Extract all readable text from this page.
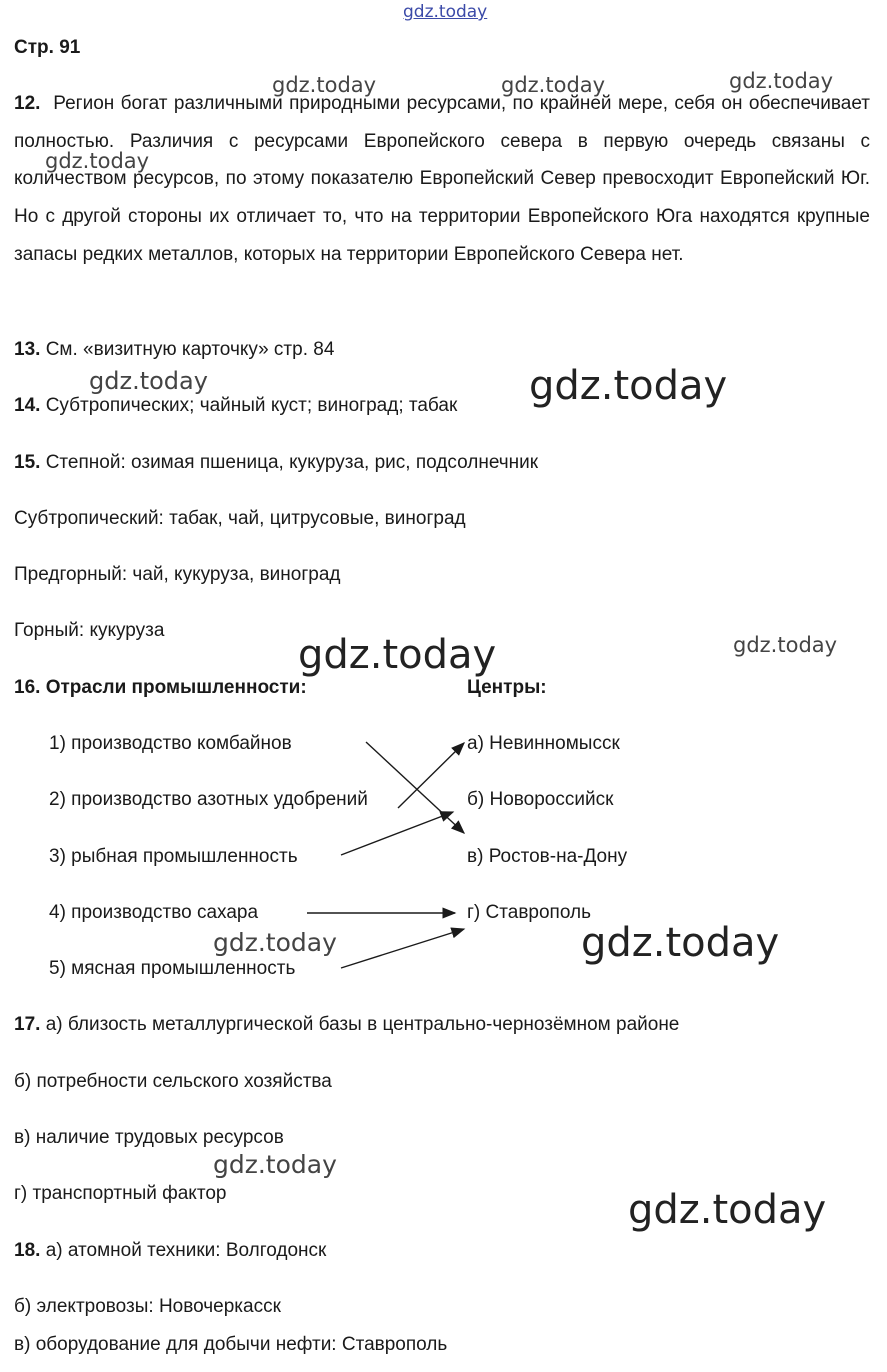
gdz.today
Стр. 91
12. Регион богат различными природными ресурсами, по крайней мере, себя он обеспечивает полностью. Различия с ресурсами Европейского севера в первую очередь связаны с количеством ресурсов, по этому показателю Европейский Север превосходит Европейский Юг. Но с другой стороны их отличает то, что на территории Европейского Юга находятся крупные запасы редких металлов, которых на территории Европейского Севера нет.
13. См. «визитную карточку» стр. 84
14. Субтропических; чайный куст; виноград; табак
15. Степной: озимая пшеница, кукуруза, рис, подсолнечник
Субтропический: табак, чай, цитрусовые, виноград
Предгорный: чай, кукуруза, виноград
Горный: кукуруза
16. Отрасли промышленности:	Центры:
1) производство комбайнов
2) производство азотных удобрений
3) рыбная промышленность
4) производство сахара
5) мясная промышленность
а) Невинномысск
б) Новороссийск
в) Ростов-на-Дону
г) Ставрополь
17. а) близость металлургической базы в центрально-чернозёмном районе
б) потребности сельского хозяйства
в) наличие трудовых ресурсов
г) транспортный фактор
18. а) атомной техники: Волгодонск
б) электровозы: Новочеркасск
в) оборудование для добычи нефти: Ставрополь
gdz.today	gdz.today	gdz.today
gdz.today
gdz.today	gdz.today
gdz.today	gdz.today
gdz.today	gdz.today
gdz.today
gdz.today
